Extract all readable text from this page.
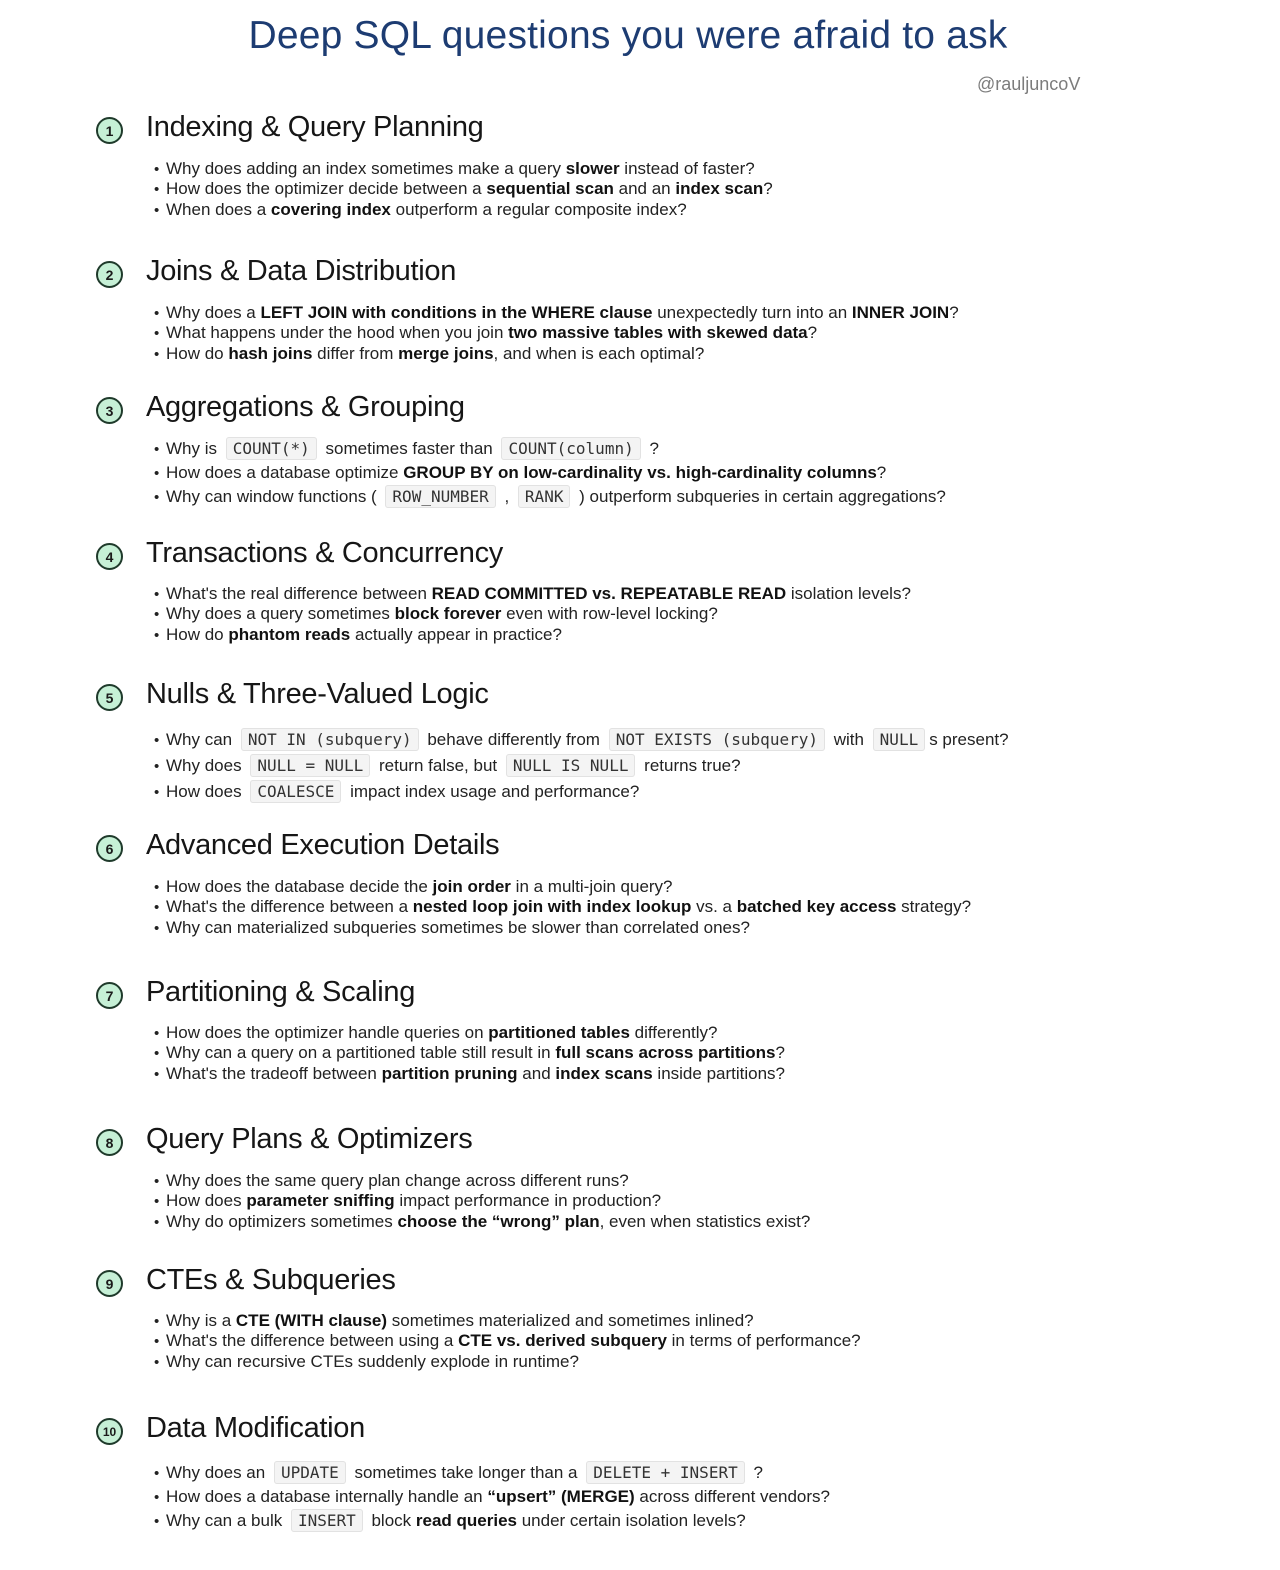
Deep SQL questions you were afraid to ask
@rauljuncoV
1	Indexing & Query Planning
• Why does adding an index sometimes make a query slower instead of faster?
• How does the optimizer decide between a sequential scan and an index scan?
• When does a covering index outperform a regular composite index?
2	Joins & Data Distribution
• Why does a LEFT JOIN with conditions in the WHERE clause unexpectedly turn into an INNER JOIN?
• What happens under the hood when you join two massive tables with skewed data?
• How do hash joins differ from merge joins, and when is each optimal?
3	Aggregations & Grouping
• Why is COUNT(*) sometimes faster than COUNT(column) ?
• How does a database optimize GROUP BY on low-cardinality vs. high-cardinality columns?
• Why can window functions ( ROW_NUMBER , RANK ) outperform subqueries in certain aggregations?
4	Transactions & Concurrency
• What's the real difference between READ COMMITTED vs. REPEATABLE READ isolation levels?
• Why does a query sometimes block forever even with row-level locking?
• How do phantom reads actually appear in practice?
5	Nulls & Three-Valued Logic
• Why can NOT IN (subquery) behave differently from NOT EXISTS (subquery) with NULL s present?
• Why does NULL = NULL return false, but NULL IS NULL returns true?
• How does COALESCE impact index usage and performance?
6	Advanced Execution Details
• How does the database decide the join order in a multi-join query?
• What's the difference between a nested loop join with index lookup vs. a batched key access strategy?
• Why can materialized subqueries sometimes be slower than correlated ones?
7	Partitioning & Scaling
• How does the optimizer handle queries on partitioned tables differently?
• Why can a query on a partitioned table still result in full scans across partitions?
• What's the tradeoff between partition pruning and index scans inside partitions?
8	Query Plans & Optimizers
• Why does the same query plan change across different runs?
• How does parameter sniffing impact performance in production?
• Why do optimizers sometimes choose the “wrong” plan, even when statistics exist?
9	CTEs & Subqueries
• Why is a CTE (WITH clause) sometimes materialized and sometimes inlined?
• What's the difference between using a CTE vs. derived subquery in terms of performance?
• Why can recursive CTEs suddenly explode in runtime?
10 Data Modification
• Why does an UPDATE sometimes take longer than a DELETE + INSERT ?
• How does a database internally handle an “upsert” (MERGE) across different vendors?
• Why can a bulk INSERT block read queries under certain isolation levels?
